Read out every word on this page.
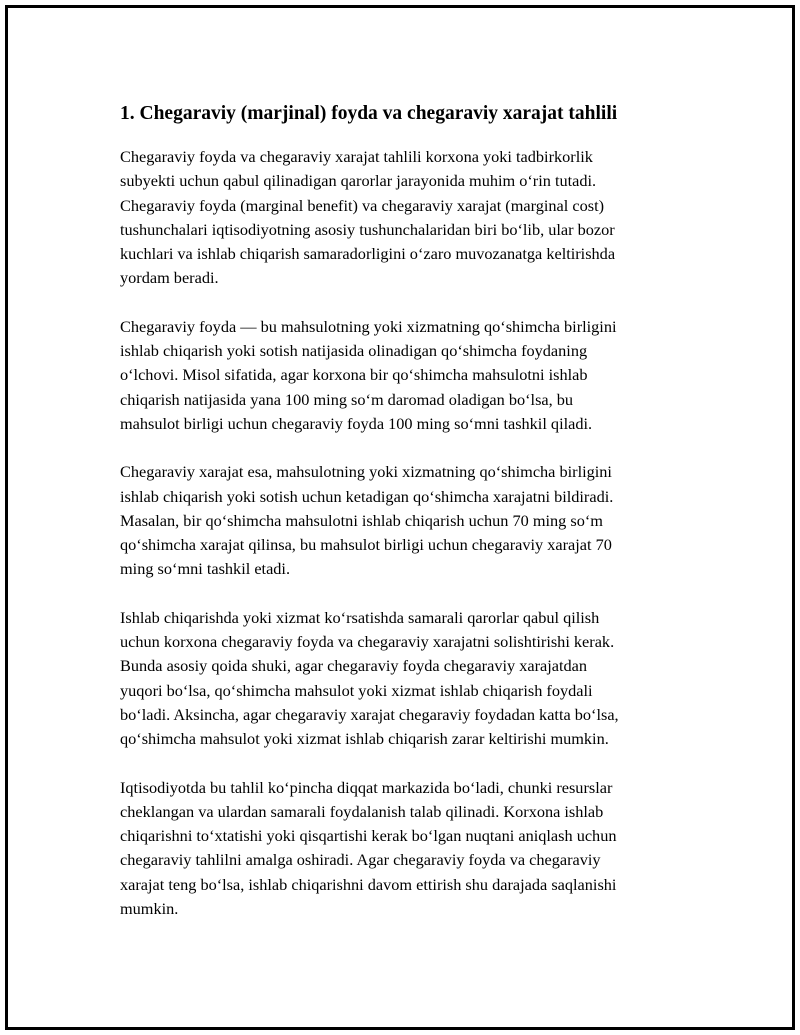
1. Chegaraviy (marjinal) foyda va chegaraviy xarajat tahlili

Chegaraviy foyda va chegaraviy xarajat tahlili korxona yoki tadbirkorlik
subyekti uchun qabul qilinadigan qarorlar jarayonida muhim o‘rin tutadi.
Chegaraviy foyda (marginal benefit) va chegaraviy xarajat (marginal cost)
tushunchalari iqtisodiyotning asosiy tushunchalaridan biri bo‘lib, ular bozor
kuchlari va ishlab chiqarish samaradorligini o‘zaro muvozanatga keltirishda
yordam beradi.

Chegaraviy foyda — bu mahsulotning yoki xizmatning qo‘shimcha birligini
ishlab chiqarish yoki sotish natijasida olinadigan qo‘shimcha foydaning
o‘lchovi. Misol sifatida, agar korxona bir qo‘shimcha mahsulotni ishlab
chiqarish natijasida yana 100 ming so‘m daromad oladigan bo‘lsa, bu
mahsulot birligi uchun chegaraviy foyda 100 ming so‘mni tashkil qiladi.

Chegaraviy xarajat esa, mahsulotning yoki xizmatning qo‘shimcha birligini
ishlab chiqarish yoki sotish uchun ketadigan qo‘shimcha xarajatni bildiradi.
Masalan, bir qo‘shimcha mahsulotni ishlab chiqarish uchun 70 ming so‘m
qo‘shimcha xarajat qilinsa, bu mahsulot birligi uchun chegaraviy xarajat 70
ming so‘mni tashkil etadi.

Ishlab chiqarishda yoki xizmat ko‘rsatishda samarali qarorlar qabul qilish
uchun korxona chegaraviy foyda va chegaraviy xarajatni solishtirishi kerak.
Bunda asosiy qoida shuki, agar chegaraviy foyda chegaraviy xarajatdan
yuqori bo‘lsa, qo‘shimcha mahsulot yoki xizmat ishlab chiqarish foydali
bo‘ladi. Aksincha, agar chegaraviy xarajat chegaraviy foydadan katta bo‘lsa,
qo‘shimcha mahsulot yoki xizmat ishlab chiqarish zarar keltirishi mumkin.

Iqtisodiyotda bu tahlil ko‘pincha diqqat markazida bo‘ladi, chunki resurslar
cheklangan va ulardan samarali foydalanish talab qilinadi. Korxona ishlab
chiqarishni to‘xtatishi yoki qisqartishi kerak bo‘lgan nuqtani aniqlash uchun
chegaraviy tahlilni amalga oshiradi. Agar chegaraviy foyda va chegaraviy
xarajat teng bo‘lsa, ishlab chiqarishni davom ettirish shu darajada saqlanishi
mumkin.
